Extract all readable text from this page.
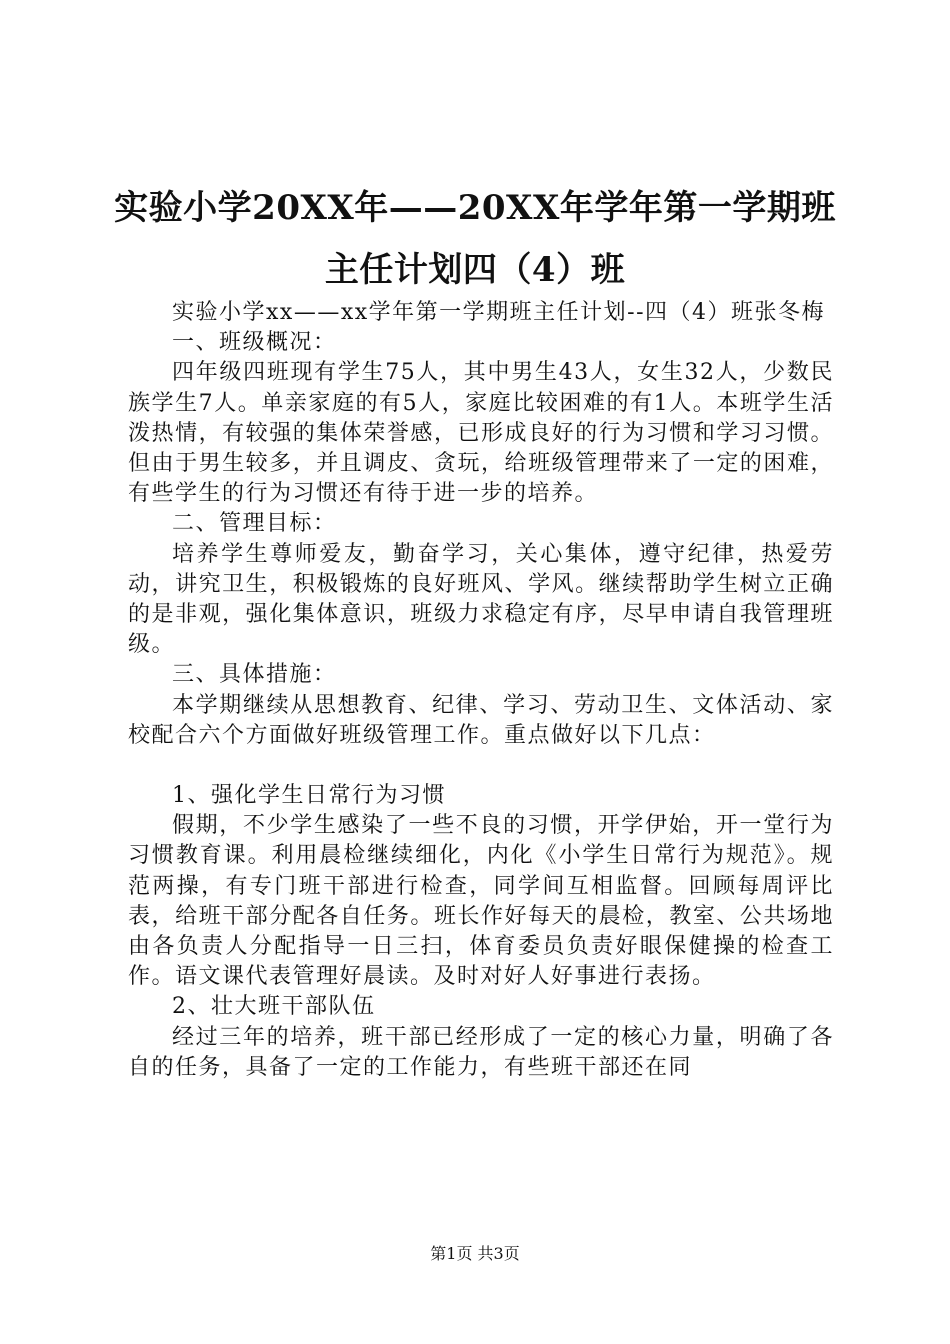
实验小学20XX年——20XX年学年第一学期班
主任计划四（4）班

实验小学xx——xx学年第一学期班主任计划--四（4）班张冬梅

一、班级概况：

四年级四班现有学生75人，其中男生43人，女生32人，少数民族学生7人。单亲家庭的有5人，家庭比较困难的有1人。本班学生活泼热情，有较强的集体荣誉感，已形成良好的行为习惯和学习习惯。但由于男生较多，并且调皮、贪玩，给班级管理带来了一定的困难，有些学生的行为习惯还有待于进一步的培养。

二、管理目标：

培养学生尊师爱友，勤奋学习，关心集体，遵守纪律，热爱劳动，讲究卫生，积极锻炼的良好班风、学风。继续帮助学生树立正确的是非观，强化集体意识，班级力求稳定有序，尽早申请自我管理班级。

三、具体措施：

本学期继续从思想教育、纪律、学习、劳动卫生、文体活动、家校配合六个方面做好班级管理工作。重点做好以下几点：

1、强化学生日常行为习惯

假期，不少学生感染了一些不良的习惯，开学伊始，开一堂行为习惯教育课。利用晨检继续细化，内化《小学生日常行为规范》。规范两操，有专门班干部进行检查，同学间互相监督。回顾每周评比表，给班干部分配各自任务。班长作好每天的晨检，教室、公共场地由各负责人分配指导一日三扫，体育委员负责好眼保健操的检查工作。语文课代表管理好晨读。及时对好人好事进行表扬。

2、壮大班干部队伍

经过三年的培养，班干部已经形成了一定的核心力量，明确了各自的任务，具备了一定的工作能力，有些班干部还在同

第1页 共3页
